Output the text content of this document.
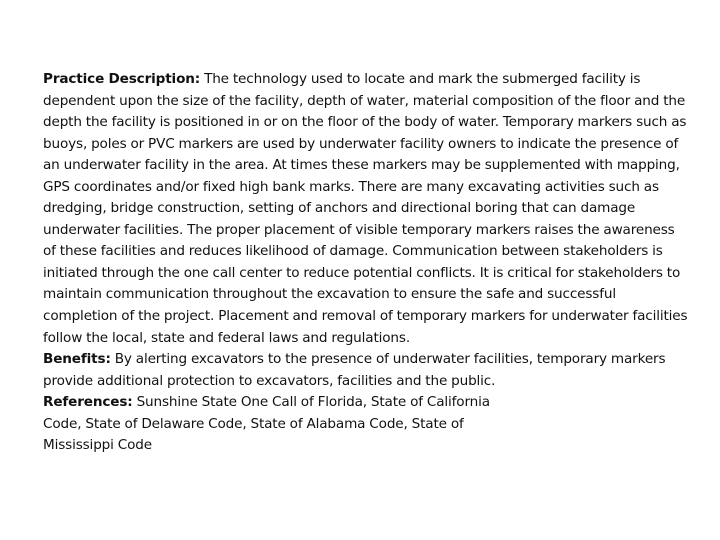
Practice Description: The technology used to locate and mark the submerged facility is dependent upon the size of the facility, depth of water, material composition of the floor and the depth the facility is positioned in or on the floor of the body of water. Temporary markers such as buoys, poles or PVC markers are used by underwater facility owners to indicate the presence of an underwater facility in the area. At times these markers may be supplemented with mapping, GPS coordinates and/or fixed high bank marks. There are many excavating activities such as dredging, bridge construction, setting of anchors and directional boring that can damage underwater facilities. The proper placement of visible temporary markers raises the awareness of these facilities and reduces likelihood of damage. Communication between stakeholders is initiated through the one call center to reduce potential conflicts. It is critical for stakeholders to maintain communication throughout the excavation to ensure the safe and successful completion of the project. Placement and removal of temporary markers for underwater facilities follow the local, state and federal laws and regulations.

Benefits: By alerting excavators to the presence of underwater facilities, temporary markers provide additional protection to excavators, facilities and the public.

References: Sunshine State One Call of Florida, State of California
Code, State of Delaware Code, State of Alabama Code, State of
Mississippi Code
